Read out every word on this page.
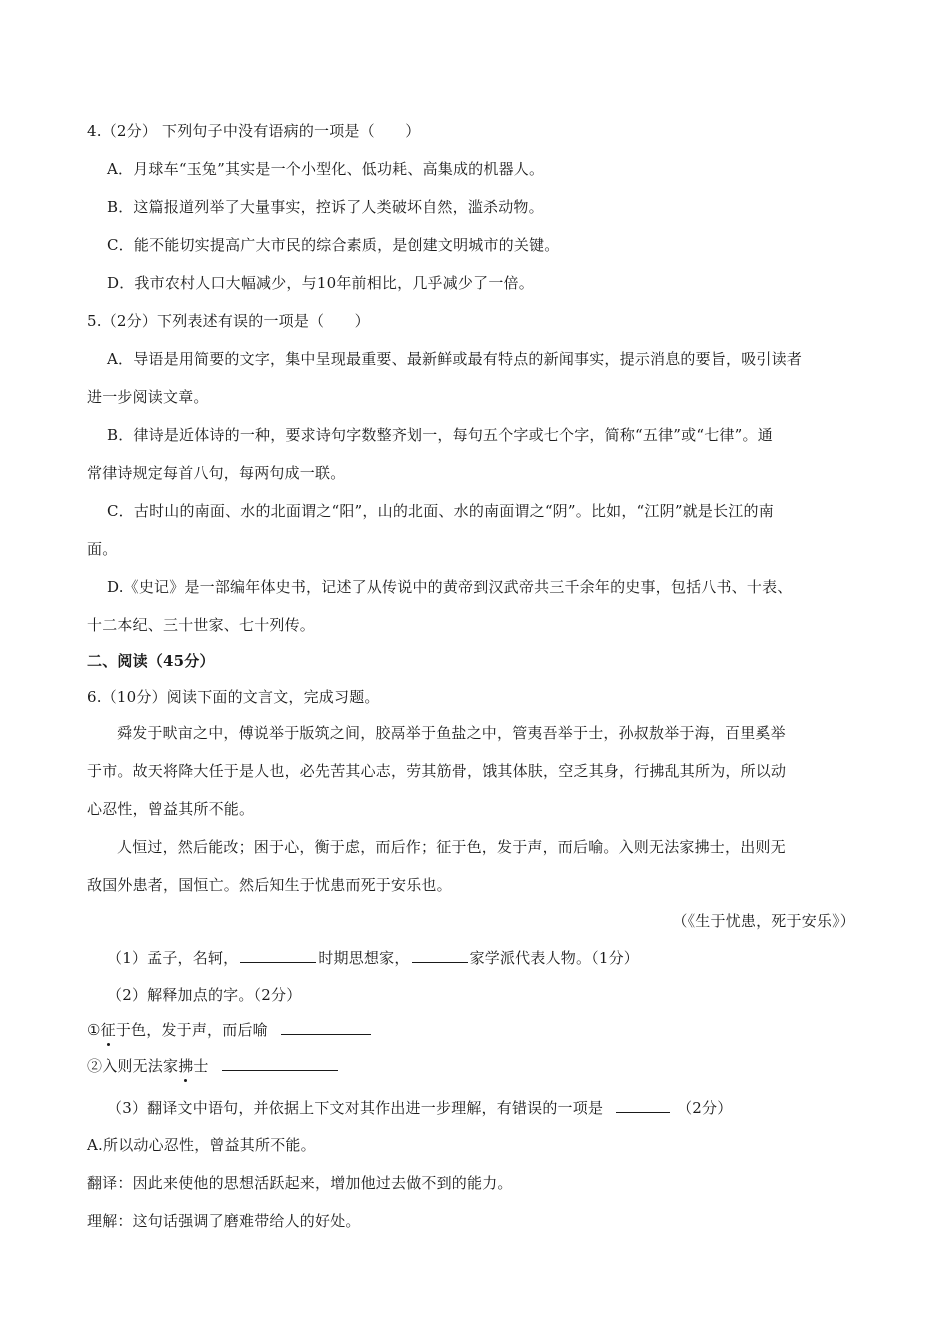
4.（2分） 下列句子中没有语病的一项是（　　）
A．月球车“玉兔”其实是一个小型化、低功耗、高集成的机器人。
B．这篇报道列举了大量事实，控诉了人类破坏自然，滥杀动物。
C．能不能切实提高广大市民的综合素质，是创建文明城市的关键。
D．我市农村人口大幅减少，与10年前相比，几乎减少了一倍。
5.（2分）下列表述有误的一项是（　　）
A．导语是用简要的文字，集中呈现最重要、最新鲜或最有特点的新闻事实，提示消息的要旨，吸引读者
进一步阅读文章。
B．律诗是近体诗的一种，要求诗句字数整齐划一，每句五个字或七个字，简称“五律”或“七律”。通
常律诗规定每首八句，每两句成一联。
C．古时山的南面、水的北面谓之“阳”，山的北面、水的南面谓之“阴”。比如，“江阴”就是长江的南
面。
D.《史记》是一部编年体史书，记述了从传说中的黄帝到汉武帝共三千余年的史事，包括八书、十表、
十二本纪、三十世家、七十列传。
二、阅读（45分）
6.（10分）阅读下面的文言文，完成习题。
舜发于畎亩之中，傅说举于版筑之间，胶鬲举于鱼盐之中，管夷吾举于士，孙叔敖举于海，百里奚举
于市。故天将降大任于是人也，必先苦其心志，劳其筋骨，饿其体肤，空乏其身，行拂乱其所为，所以动
心忍性，曾益其所不能。
人恒过，然后能改；困于心，衡于虑，而后作；征于色，发于声，而后喻。入则无法家拂士，出则无
敌国外患者，国恒亡。然后知生于忧患而死于安乐也。
（《生于忧患，死于安乐》）
（1）孟子，名轲，	时期思想家，	家学派代表人物。（1分）
（2）解释加点的字。（2分）
①征于色，发于声，而后喻
②入则无法家拂士
（3）翻译文中语句，并依据上下文对其作出进一步理解，有错误的一项是	（2分）
A.所以动心忍性，曾益其所不能。
翻译：因此来使他的思想活跃起来，增加他过去做不到的能力。
理解：这句话强调了磨难带给人的好处。
